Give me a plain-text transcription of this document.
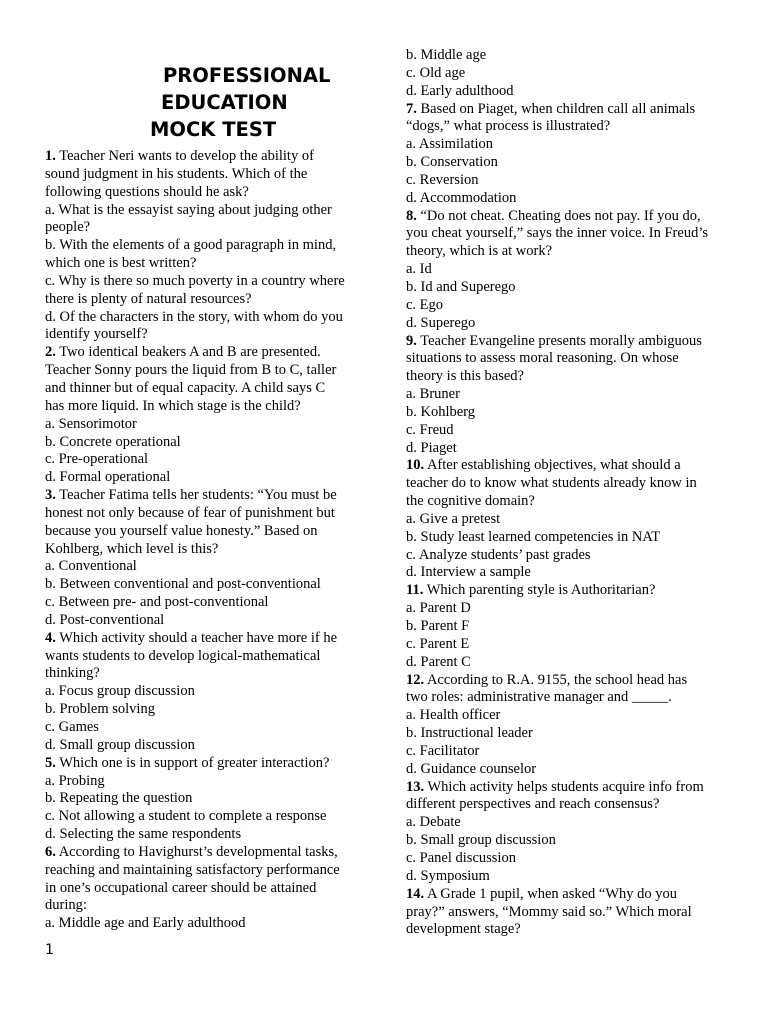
PROFESSIONAL
EDUCATION
MOCK TEST
1. Teacher Neri wants to develop the ability of
sound judgment in his students. Which of the
following questions should he ask?
a. What is the essayist saying about judging other
people?
b. With the elements of a good paragraph in mind,
which one is best written?
c. Why is there so much poverty in a country where
there is plenty of natural resources?
d. Of the characters in the story, with whom do you
identify yourself?
2. Two identical beakers A and B are presented.
Teacher Sonny pours the liquid from B to C, taller
and thinner but of equal capacity. A child says C
has more liquid. In which stage is the child?
a. Sensorimotor
b. Concrete operational
c. Pre-operational
d. Formal operational
3. Teacher Fatima tells her students: “You must be
honest not only because of fear of punishment but
because you yourself value honesty.” Based on
Kohlberg, which level is this?
a. Conventional
b. Between conventional and post-conventional
c. Between pre- and post-conventional
d. Post-conventional
4. Which activity should a teacher have more if he
wants students to develop logical-mathematical
thinking?
a. Focus group discussion
b. Problem solving
c. Games
d. Small group discussion
5. Which one is in support of greater interaction?
a. Probing
b. Repeating the question
c. Not allowing a student to complete a response
d. Selecting the same respondents
6. According to Havighurst’s developmental tasks,
reaching and maintaining satisfactory performance
in one’s occupational career should be attained
during:
a. Middle age and Early adulthood
b. Middle age
c. Old age
d. Early adulthood
7. Based on Piaget, when children call all animals
“dogs,” what process is illustrated?
a. Assimilation
b. Conservation
c. Reversion
d. Accommodation
8. “Do not cheat. Cheating does not pay. If you do,
you cheat yourself,” says the inner voice. In Freud’s
theory, which is at work?
a. Id
b. Id and Superego
c. Ego
d. Superego
9. Teacher Evangeline presents morally ambiguous
situations to assess moral reasoning. On whose
theory is this based?
a. Bruner
b. Kohlberg
c. Freud
d. Piaget
10. After establishing objectives, what should a
teacher do to know what students already know in
the cognitive domain?
a. Give a pretest
b. Study least learned competencies in NAT
c. Analyze students’ past grades
d. Interview a sample
11. Which parenting style is Authoritarian?
a. Parent D
b. Parent F
c. Parent E
d. Parent C
12. According to R.A. 9155, the school head has
two roles: administrative manager and _____.
a. Health officer
b. Instructional leader
c. Facilitator
d. Guidance counselor
13. Which activity helps students acquire info from
different perspectives and reach consensus?
a. Debate
b. Small group discussion
c. Panel discussion
d. Symposium
14. A Grade 1 pupil, when asked “Why do you
pray?” answers, “Mommy said so.” Which moral
development stage?
1
